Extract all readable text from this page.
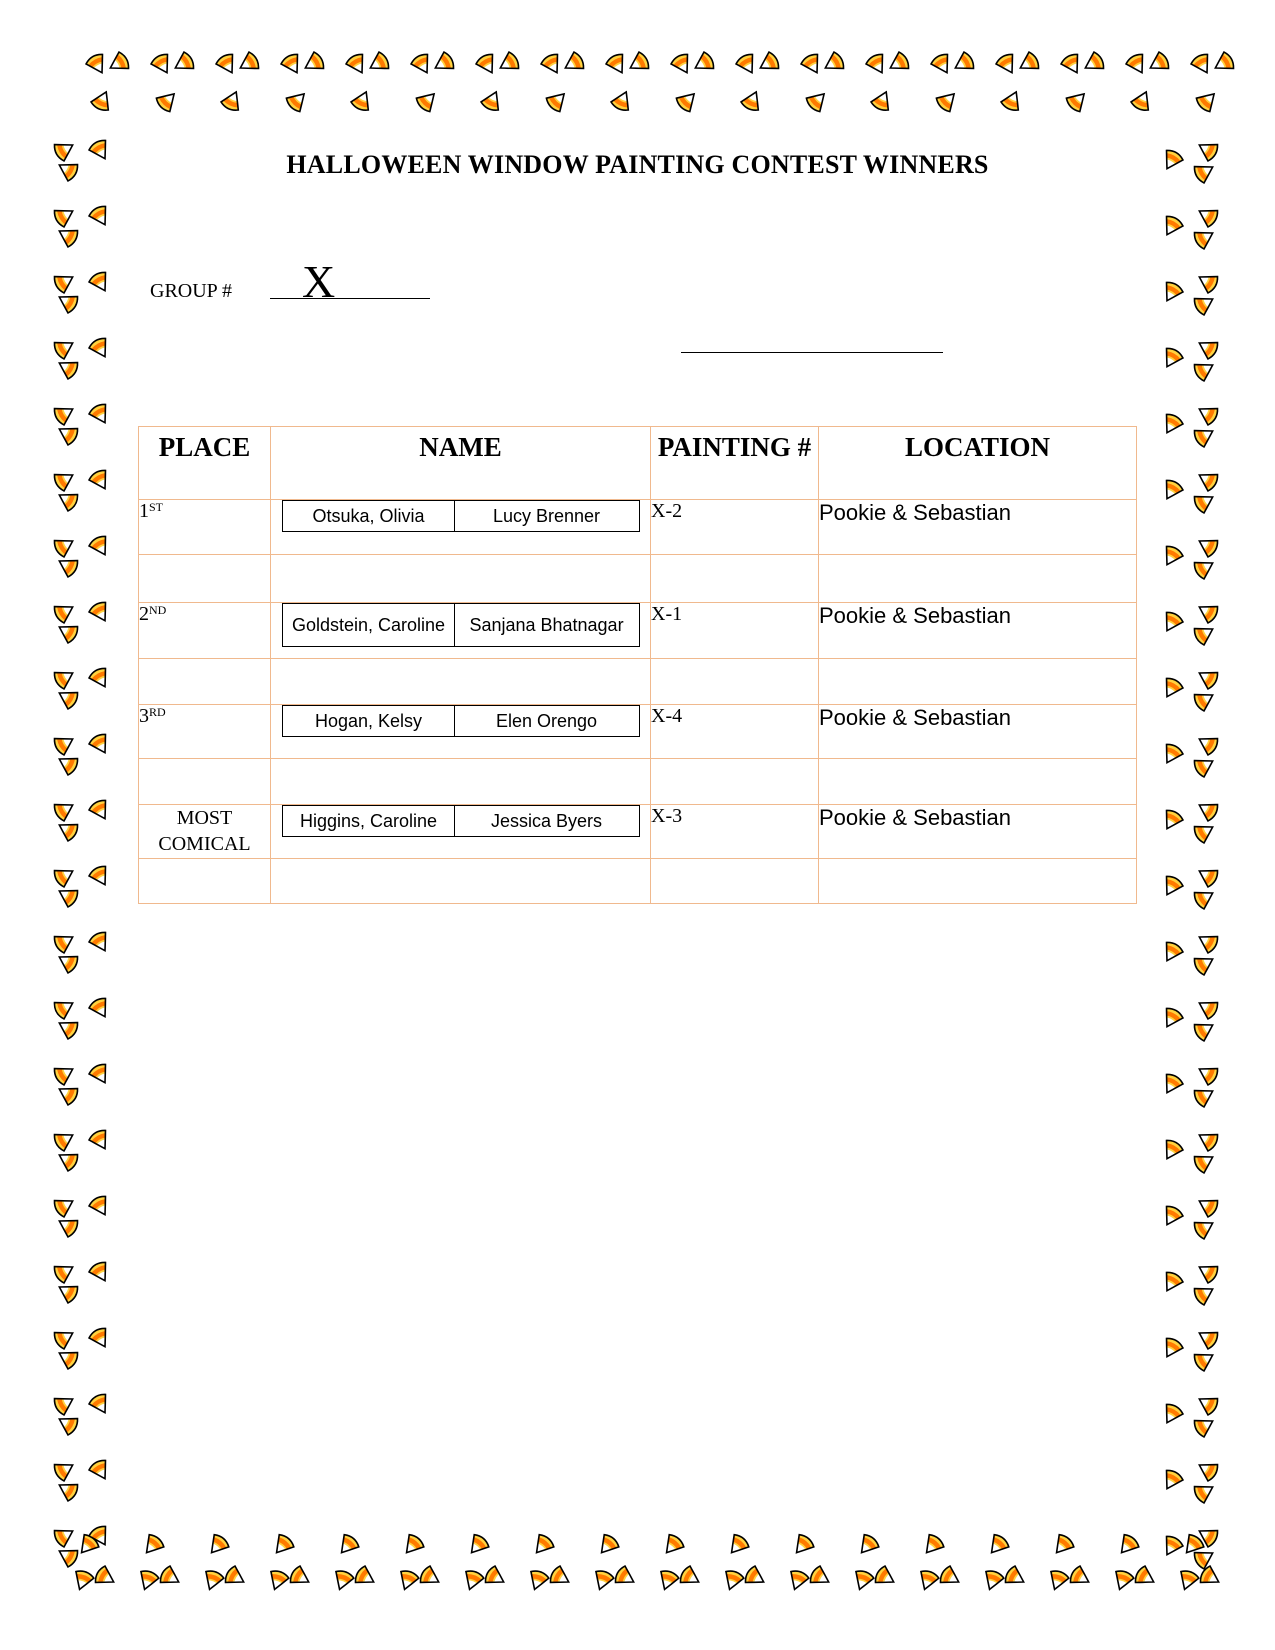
HALLOWEEN WINDOW PAINTING CONTEST WINNERS
GROUP # X
PLACE	NAME	PAINTING #	LOCATION
1ST	Otsuka, Olivia Lucy Brenner	X-2	Pookie & Sebastian

2ND	Goldstein, Caroline Sanjana Bhatnagar	X-1	Pookie & Sebastian

3RD	Hogan, Kelsy Elen Orengo	X-4	Pookie & Sebastian

MOST COMICAL	Higgins, Caroline Jessica Byers	X-3	Pookie & Sebastian
